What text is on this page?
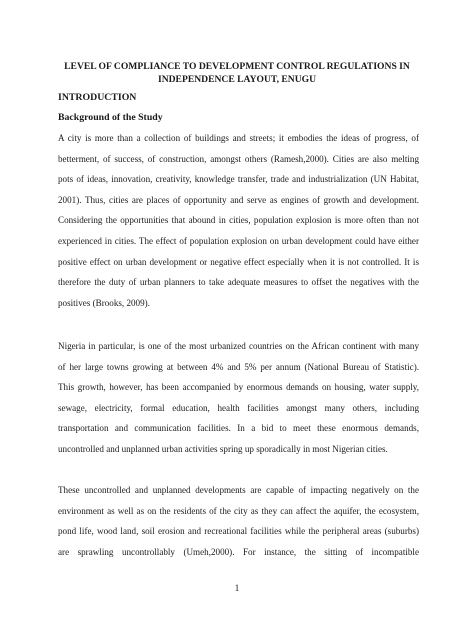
LEVEL OF COMPLIANCE TO DEVELOPMENT CONTROL REGULATIONS IN
INDEPENDENCE LAYOUT, ENUGU
INTRODUCTION
Background of the Study
A city is more than a collection of buildings and streets; it embodies the ideas of progress, of
betterment, of success, of construction, amongst others (Ramesh,2000). Cities are also melting
pots of ideas, innovation, creativity, knowledge transfer, trade and industrialization (UN Habitat,
2001). Thus, cities are places of opportunity and serve as engines of growth and development.
Considering the opportunities that abound in cities, population explosion is more often than not
experienced in cities. The effect of population explosion on urban development could have either
positive effect on urban development or negative effect especially when it is not controlled. It is
therefore the duty of urban planners to take adequate measures to offset the negatives with the
positives (Brooks, 2009).
Nigeria in particular, is one of the most urbanized countries on the African continent with many
of her large towns growing at between 4% and 5% per annum (National Bureau of Statistic).
This growth, however, has been accompanied by enormous demands on housing, water supply,
sewage, electricity, formal education, health facilities amongst many others, including
transportation and communication facilities. In a bid to meet these enormous demands,
uncontrolled and unplanned urban activities spring up sporadically in most Nigerian cities.
These uncontrolled and unplanned developments are capable of impacting negatively on the
environment as well as on the residents of the city as they can affect the aquifer, the ecosystem,
pond life, wood land, soil erosion and recreational facilities while the peripheral areas (suburbs)
are sprawling uncontrollably (Umeh,2000). For instance, the sitting of incompatible
1
